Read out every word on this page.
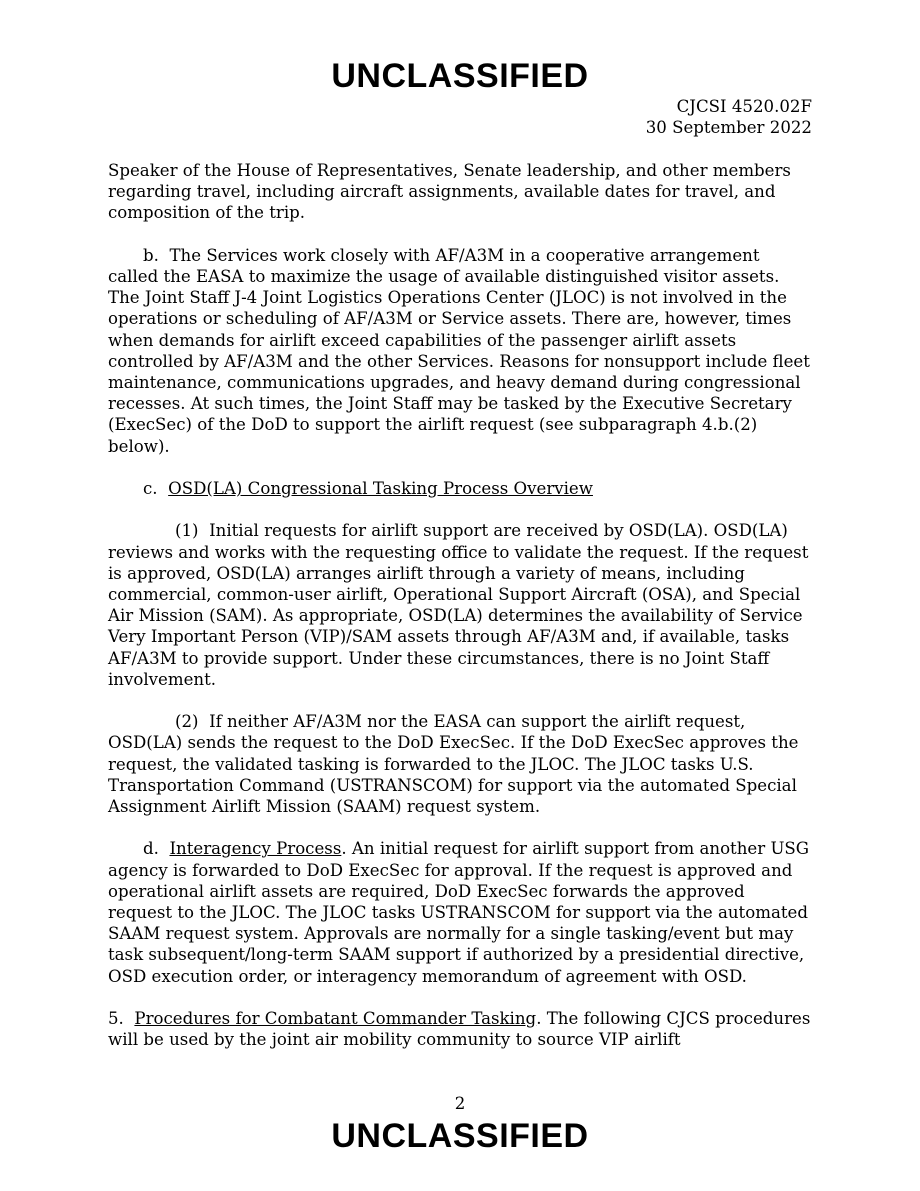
UNCLASSIFIED
CJCSI 4520.02F
30 September 2022

Speaker of the House of Representatives, Senate leadership, and other members regarding travel, including aircraft assignments, available dates for travel, and composition of the trip.

b. The Services work closely with AF/A3M in a cooperative arrangement called the EASA to maximize the usage of available distinguished visitor assets. The Joint Staff J-4 Joint Logistics Operations Center (JLOC) is not involved in the operations or scheduling of AF/A3M or Service assets. There are, however, times when demands for airlift exceed capabilities of the passenger airlift assets controlled by AF/A3M and the other Services. Reasons for nonsupport include fleet maintenance, communications upgrades, and heavy demand during congressional recesses. At such times, the Joint Staff may be tasked by the Executive Secretary (ExecSec) of the DoD to support the airlift request (see subparagraph 4.b.(2) below).

c. OSD(LA) Congressional Tasking Process Overview

(1) Initial requests for airlift support are received by OSD(LA). OSD(LA) reviews and works with the requesting office to validate the request. If the request is approved, OSD(LA) arranges airlift through a variety of means, including commercial, common-user airlift, Operational Support Aircraft (OSA), and Special Air Mission (SAM). As appropriate, OSD(LA) determines the availability of Service Very Important Person (VIP)/SAM assets through AF/A3M and, if available, tasks AF/A3M to provide support. Under these circumstances, there is no Joint Staff involvement.

(2) If neither AF/A3M nor the EASA can support the airlift request, OSD(LA) sends the request to the DoD ExecSec. If the DoD ExecSec approves the request, the validated tasking is forwarded to the JLOC. The JLOC tasks U.S. Transportation Command (USTRANSCOM) for support via the automated Special Assignment Airlift Mission (SAAM) request system.

d. Interagency Process. An initial request for airlift support from another USG agency is forwarded to DoD ExecSec for approval. If the request is approved and operational airlift assets are required, DoD ExecSec forwards the approved request to the JLOC. The JLOC tasks USTRANSCOM for support via the automated SAAM request system. Approvals are normally for a single tasking/event but may task subsequent/long-term SAAM support if authorized by a presidential directive, OSD execution order, or interagency memorandum of agreement with OSD.

5. Procedures for Combatant Commander Tasking. The following CJCS procedures will be used by the joint air mobility community to source VIP airlift

2
UNCLASSIFIED
